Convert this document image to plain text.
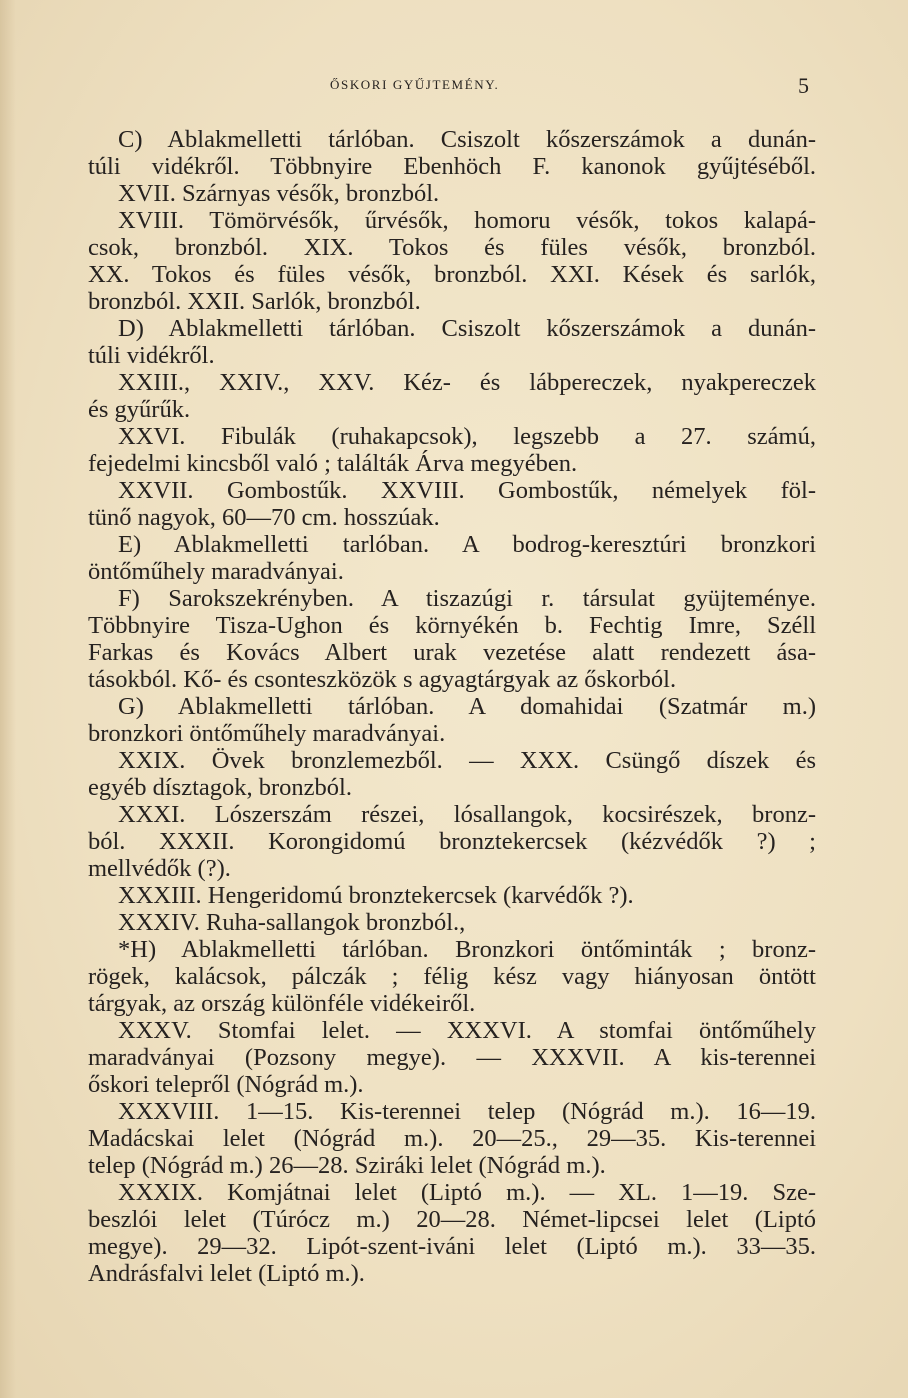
ŐSKORI GYŰJTEMÉNY.	5
C) Ablakmelletti tárlóban. Csiszolt kőszerszámok a dunán-
túli vidékről. Többnyire Ebenhöch F. kanonok gyűjtéséből.
XVII. Szárnyas vésők, bronzból.
XVIII. Tömörvésők, űrvésők, homoru vésők, tokos kalapá-
csok, bronzból. XIX. Tokos és füles vésők, bronzból.
XX. Tokos és füles vésők, bronzból. XXI. Kések és sarlók,
bronzból. XXII. Sarlók, bronzból.
D) Ablakmelletti tárlóban. Csiszolt kőszerszámok a dunán-
túli vidékről.
XXIII., XXIV., XXV. Kéz- és lábpereczek, nyakpereczek
és gyűrűk.
XXVI. Fibulák (ruhakapcsok), legszebb a 27. számú,
fejedelmi kincsből való ; találták Árva megyében.
XXVII. Gombostűk. XXVIII. Gombostűk, némelyek föl-
tünő nagyok, 60—70 cm. hosszúak.
E) Ablakmelletti tarlóban. A bodrog-keresztúri bronzkori
öntőműhely maradványai.
F) Sarokszekrényben. A tiszazúgi r. társulat gyüjteménye.
Többnyire Tisza-Ughon és környékén b. Fechtig Imre, Széll
Farkas és Kovács Albert urak vezetése alatt rendezett ása-
tásokból. Kő- és csonteszközök s agyagtárgyak az őskorból.
G) Ablakmelletti tárlóban. A domahidai (Szatmár m.)
bronzkori öntőműhely maradványai.
XXIX. Övek bronzlemezből. — XXX. Csüngő díszek és
egyéb dísztagok, bronzból.
XXXI. Lószerszám részei, lósallangok, kocsirészek, bronz-
ból. XXXII. Korongidomú bronztekercsek (kézvédők ?) ;
mellvédők (?).
XXXIII. Hengeridomú bronztekercsek (karvédők ?).
XXXIV. Ruha-sallangok bronzból.,
*H) Ablakmelletti tárlóban. Bronzkori öntőminták ; bronz-
rögek, kalácsok, pálczák ; félig kész vagy hiányosan öntött
tárgyak, az ország különféle vidékeiről.
XXXV. Stomfai lelet. — XXXVI. A stomfai öntőműhely
maradványai (Pozsony megye). — XXXVII. A kis-terennei
őskori telepről (Nógrád m.).
XXXVIII. 1—15. Kis-terennei telep (Nógrád m.). 16—19.
Madácskai lelet (Nógrád m.). 20—25., 29—35. Kis-terennei
telep (Nógrád m.) 26—28. Sziráki lelet (Nógrád m.).
XXXIX. Komjátnai lelet (Liptó m.). — XL. 1—19. Sze-
beszlói lelet (Túrócz m.) 20—28. Német-lipcsei lelet (Liptó
megye). 29—32. Lipót-szent-iváni lelet (Liptó m.). 33—35.
Andrásfalvi lelet (Liptó m.).
